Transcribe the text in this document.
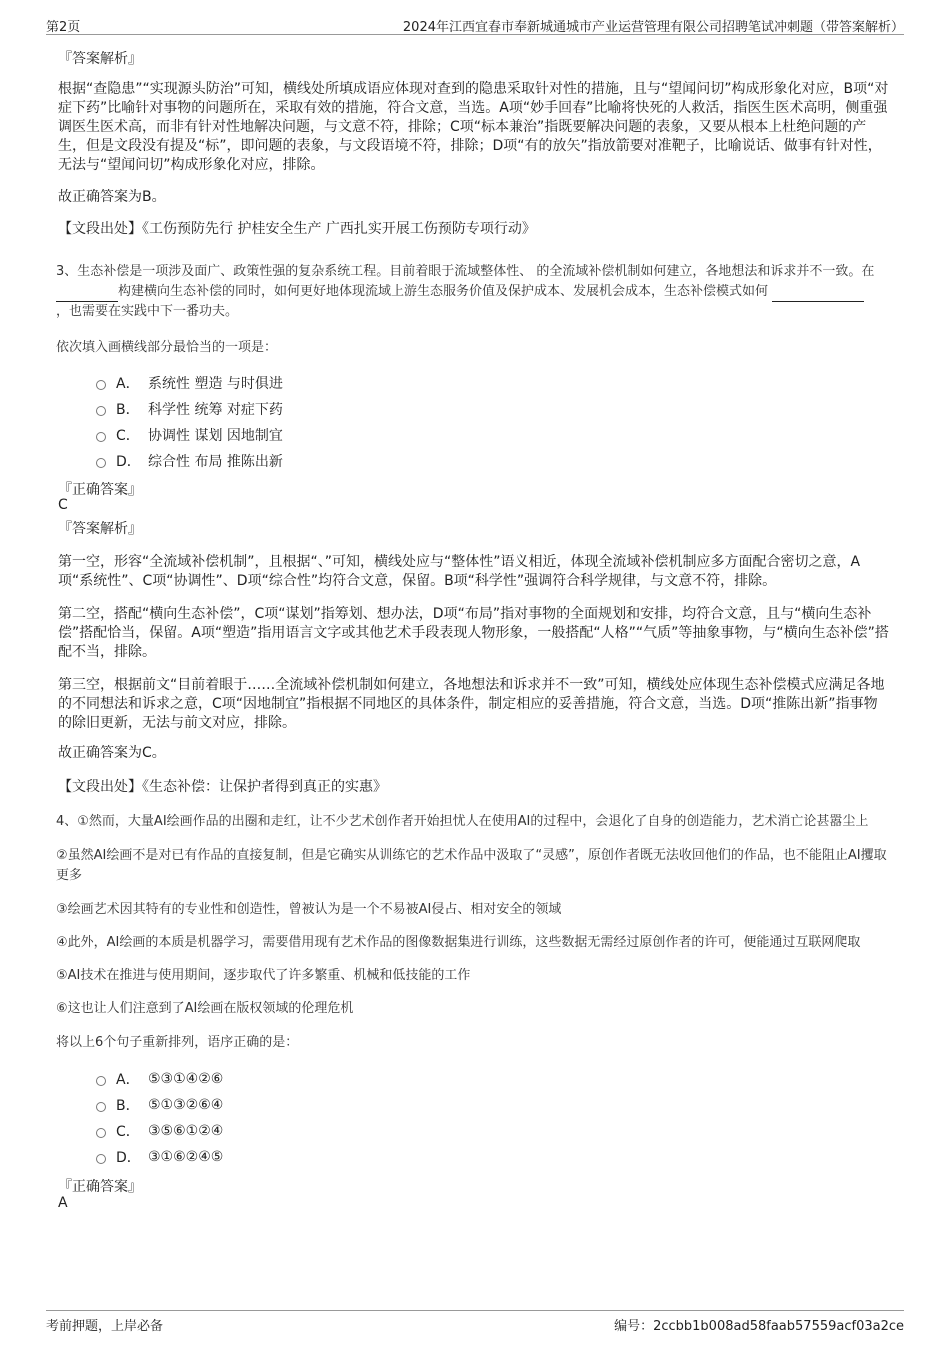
第2页	2024年江西宜春市奉新城通城市产业运营管理有限公司招聘笔试冲刺题（带答案解析）
『答案解析』
根据“查隐患”“实现源头防治”可知，横线处所填成语应体现对查到的隐患采取针对性的措施，且与“望闻问切”构成形象化对应，B项“对症下药”比喻针对事物的问题所在，采取有效的措施，符合文意，当选。A项“妙手回春”比喻将快死的人救活，指医生医术高明，侧重强调医生医术高，而非有针对性地解决问题，与文意不符，排除；C项“标本兼治”指既要解决问题的表象，又要从根本上杜绝问题的产生，但是文段没有提及“标”，即问题的表象，与文段语境不符，排除；D项“有的放矢”指放箭要对准靶子，比喻说话、做事有针对性，无法与“望闻问切”构成形象化对应，排除。
故正确答案为B。
【文段出处】《工伤预防先行 护桂安全生产 广西扎实开展工伤预防专项行动》
3、生态补偿是一项涉及面广、政策性强的复杂系统工程。目前着眼于流域整体性、 的全流域补偿机制如何建立，各地想法和诉求并不一致。在
构建横向生态补偿的同时，如何更好地体现流域上游生态服务价值及保护成本、发展机会成本，生态补偿模式如何
，也需要在实践中下一番功夫。
依次填入画横线部分最恰当的一项是：
A． 系统性 塑造 与时俱进
B． 科学性 统筹 对症下药
C． 协调性 谋划 因地制宜
D． 综合性 布局 推陈出新
『正确答案』
C
『答案解析』
第一空，形容“全流域补偿机制”，且根据“、”可知，横线处应与“整体性”语义相近，体现全流域补偿机制应多方面配合密切之意，A项“系统性”、C项“协调性”、D项“综合性”均符合文意，保留。B项“科学性”强调符合科学规律，与文意不符，排除。
第二空，搭配“横向生态补偿”，C项“谋划”指筹划、想办法，D项“布局”指对事物的全面规划和安排，均符合文意，且与“横向生态补偿”搭配恰当，保留。A项“塑造”指用语言文字或其他艺术手段表现人物形象，一般搭配“人格”“气质”等抽象事物，与“横向生态补偿”搭配不当，排除。
第三空，根据前文“目前着眼于……全流域补偿机制如何建立，各地想法和诉求并不一致”可知，横线处应体现生态补偿模式应满足各地的不同想法和诉求之意，C项“因地制宜”指根据不同地区的具体条件，制定相应的妥善措施，符合文意，当选。D项“推陈出新”指事物的除旧更新，无法与前文对应，排除。
故正确答案为C。
【文段出处】《生态补偿：让保护者得到真正的实惠》
4、①然而，大量AI绘画作品的出圈和走红，让不少艺术创作者开始担忧人在使用AI的过程中，会退化了自身的创造能力，艺术消亡论甚嚣尘上
②虽然AI绘画不是对已有作品的直接复制，但是它确实从训练它的艺术作品中汲取了“灵感”，原创作者既无法收回他们的作品，也不能阻止AI攫取更多
③绘画艺术因其特有的专业性和创造性，曾被认为是一个不易被AI侵占、相对安全的领域
④此外，AI绘画的本质是机器学习，需要借用现有艺术作品的图像数据集进行训练，这些数据无需经过原创作者的许可，便能通过互联网爬取
⑤AI技术在推进与使用期间，逐步取代了许多繁重、机械和低技能的工作
⑥这也让人们注意到了AI绘画在版权领域的伦理危机
将以上6个句子重新排列，语序正确的是：
A． ⑤③①④②⑥
B． ⑤①③②⑥④
C． ③⑤⑥①②④
D． ③①⑥②④⑤
『正确答案』
A
考前押题，上岸必备	编号：2ccbb1b008ad58faab57559acf03a2ce
